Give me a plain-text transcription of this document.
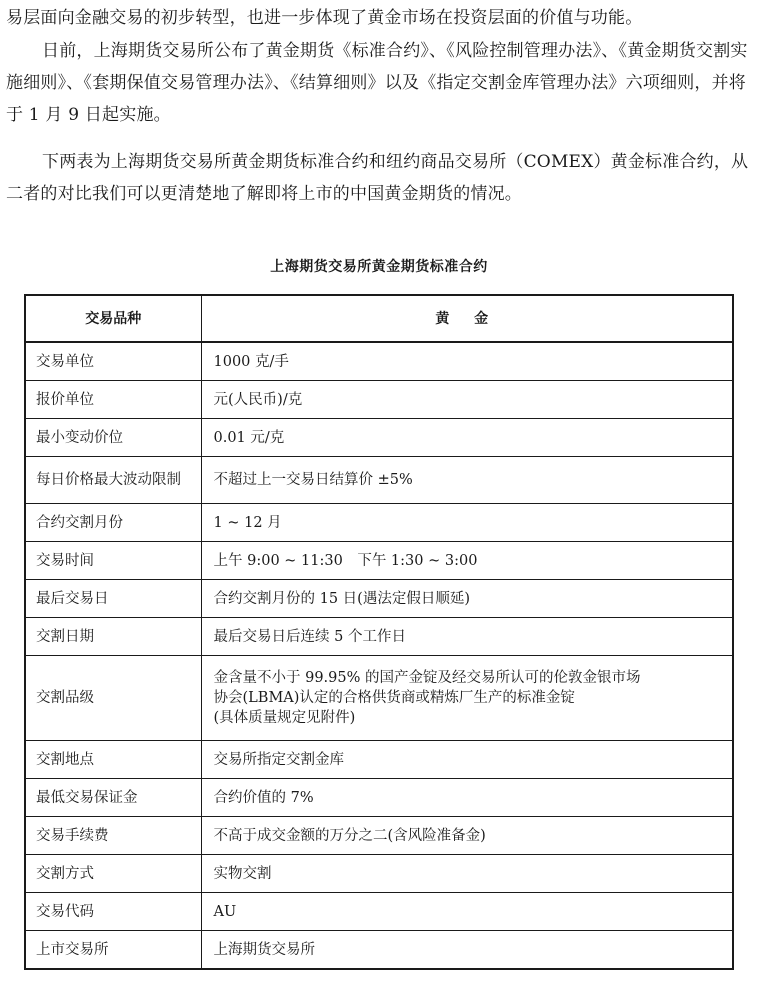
易层面向金融交易的初步转型，也进一步体现了黄金市场在投资层面的价值与功能。

日前，上海期货交易所公布了黄金期货《标准合约》、《风险控制管理办法》、《黄金期货交割实施细则》、《套期保值交易管理办法》、《结算细则》以及《指定交割金库管理办法》六项细则，并将于 1 月 9 日起实施。

下两表为上海期货交易所黄金期货标准合约和纽约商品交易所（COMEX）黄金标准合约，从二者的对比我们可以更清楚地了解即将上市的中国黄金期货的情况。

上海期货交易所黄金期货标准合约
交易品种	黄 金
交易单位	1000 克/手

报价单位	元(人民币)/克

最小变动价位	0.01 元/克

每日价格最大波动限制	不超过上一交易日结算价 ±5%

合约交割月份	1 ~ 12 月

交易时间	上午 9:00 ~ 11:30　下午 1:30 ~ 3:00

最后交易日	合约交割月份的 15 日(遇法定假日顺延)

交割日期	最后交易日后连续 5 个工作日

交割品级	金含量不小于 99.95% 的国产金锭及经交易所认可的伦敦金银市场
协会(LBMA)认定的合格供货商或精炼厂生产的标准金锭
(具体质量规定见附件)

交割地点	交易所指定交割金库

最低交易保证金	合约价值的 7%

交易手续费	不高于成交金额的万分之二(含风险准备金)

交割方式	实物交割

交易代码	AU

上市交易所	上海期货交易所
